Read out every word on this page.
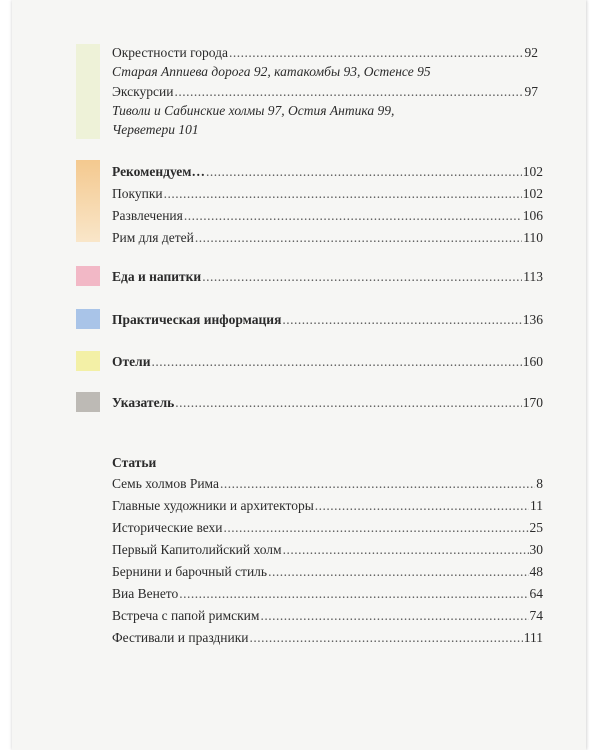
Окрестности города .....	92
Старая Аппиева дорога 92, катакомбы 93, Остенсе 95
Экскурсии .....	97
Тиволи и Сабинские холмы 97, Остия Антика 99,
Черветери 101
Рекомендуем… .....	102
Покупки .....	102
Развлечения .....	106
Рим для детей .....	110
Еда и напитки .....	113
Практическая информация .....	136
Отели .....	160
Указатель .....	170
Статьи
Семь холмов Рима .....	8
Главные художники и архитекторы .....	11
Исторические вехи .....	25
Первый Капитолийский холм .....	30
Бернини и барочный стиль .....	48
Виа Венето .....	64
Встреча с папой римским .....	74
Фестивали и праздники .....	111
